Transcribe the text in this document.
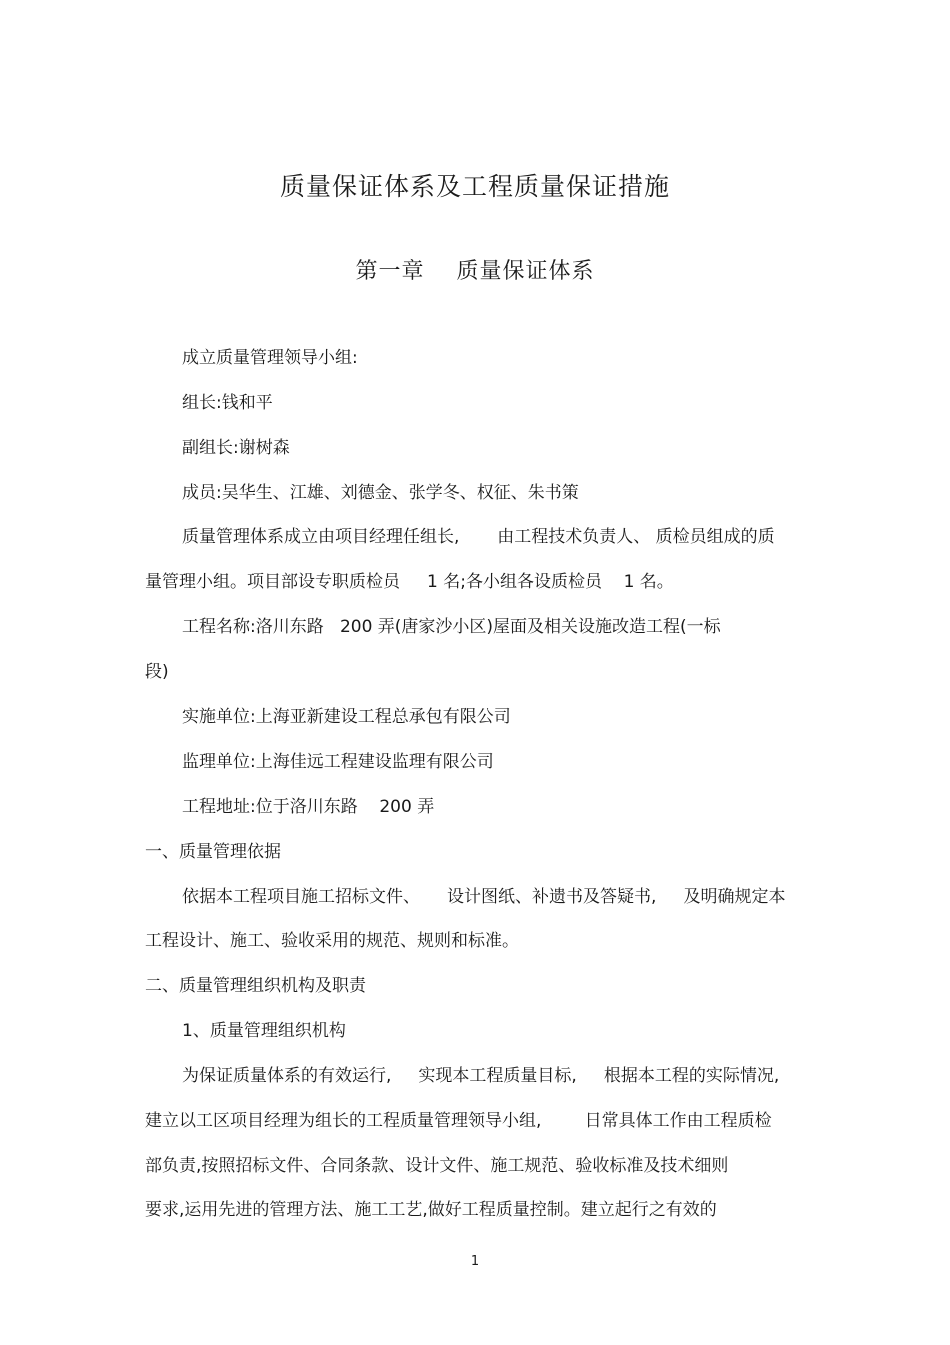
质量保证体系及工程质量保证措施
第一章    质量保证体系
成立质量管理领导小组:
组长:钱和平
副组长:谢树森
成员:吴华生、江雄、刘德金、张学冬、权征、朱书策
质量管理体系成立由项目经理任组长,       由工程技术负责人、 质检员组成的质
量管理小组。项目部设专职质检员     1 名;各小组各设质检员    1 名。
工程名称:洛川东路   200 弄(唐家沙小区)屋面及相关设施改造工程(一标
段)
实施单位:上海亚新建设工程总承包有限公司
监理单位:上海佳远工程建设监理有限公司
工程地址:位于洛川东路    200 弄
一、质量管理依据
依据本工程项目施工招标文件、     设计图纸、补遗书及答疑书,     及明确规定本
工程设计、施工、验收采用的规范、规则和标准。
二、质量管理组织机构及职责
1、质量管理组织机构
为保证质量体系的有效运行,     实现本工程质量目标,     根据本工程的实际情况,
建立以工区项目经理为组长的工程质量管理领导小组,        日常具体工作由工程质检
部负责,按照招标文件、合同条款、设计文件、施工规范、验收标准及技术细则
要求,运用先进的管理方法、施工工艺,做好工程质量控制。建立起行之有效的
1
